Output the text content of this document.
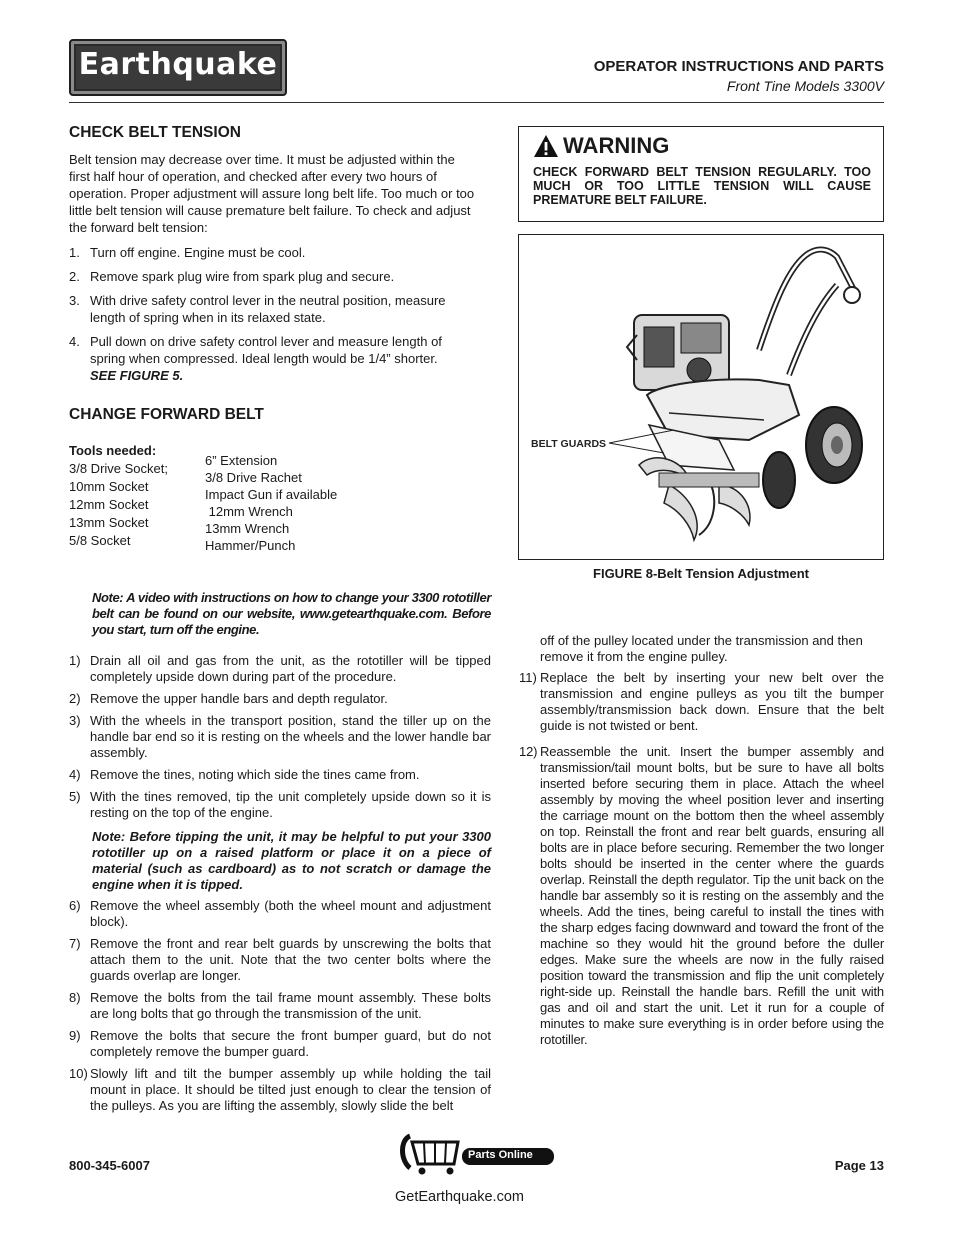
Earthquake	OPERATOR INSTRUCTIONS AND PARTS
Front Tine Models 3300V
CHECK BELT TENSION
Belt tension may decrease over time. It must be adjusted within the first half hour of operation, and checked after every two hours of operation. Proper adjustment will assure long belt life. Too much or too little belt tension will cause premature belt failure. To check and adjust the forward belt tension:
1. Turn off engine. Engine must be cool.
2. Remove spark plug wire from spark plug and secure.
3. With drive safety control lever in the neutral position, measure length of spring when in its relaxed state.
4. Pull down on drive safety control lever and measure length of spring when compressed. Ideal length would be 1/4” shorter.
SEE FIGURE 5.
CHANGE FORWARD BELT
Tools needed:
3/8 Drive Socket;
10mm Socket
12mm Socket
13mm Socket
5/8 Socket
6” Extension
3/8 Drive Rachet
Impact Gun if available
12mm Wrench
13mm Wrench
Hammer/Punch
Note: A video with instructions on how to change your 3300 rototiller belt can be found on our website, www.getearthquake.com. Before you start, turn off the engine.
1) Drain all oil and gas from the unit, as the rototiller will be tipped completely upside down during part of the procedure.
2) Remove the upper handle bars and depth regulator.
3) With the wheels in the transport position, stand the tiller up on the handle bar end so it is resting on the wheels and the lower handle bar assembly.
4) Remove the tines, noting which side the tines came from.
5) With the tines removed, tip the unit completely upside down so it is resting on the top of the engine.
Note: Before tipping the unit, it may be helpful to put your 3300 rototiller up on a raised platform or place it on a piece of material (such as cardboard) as to not scratch or damage the engine when it is tipped.
6) Remove the wheel assembly (both the wheel mount and adjustment block).
7) Remove the front and rear belt guards by unscrewing the bolts that attach them to the unit. Note that the two center bolts where the guards overlap are longer.
8) Remove the bolts from the tail frame mount assembly. These bolts are long bolts that go through the transmission of the unit.
9) Remove the bolts that secure the front bumper guard, but do not completely remove the bumper guard.
10) Slowly lift and tilt the bumper assembly up while holding the tail mount in place. It should be tilted just enough to clear the tension of the pulleys. As you are lifting the assembly, slowly slide the belt
WARNING
CHECK FORWARD BELT TENSION REGULARLY. TOO MUCH OR TOO LITTLE TENSION WILL CAUSE PREMATURE BELT FAILURE.
BELT GUARDS
FIGURE 8-Belt Tension Adjustment
off of the pulley located under the transmission and then remove it from the engine pulley.
11) Replace the belt by inserting your new belt over the transmission and engine pulleys as you tilt the bumper assembly/transmission back down. Ensure that the belt guide is not twisted or bent.
12) Reassemble the unit. Insert the bumper assembly and transmission/tail mount bolts, but be sure to have all bolts inserted before securing them in place. Attach the wheel assembly by moving the wheel position lever and inserting the carriage mount on the bottom then the wheel assembly on top. Reinstall the front and rear belt guards, ensuring all bolts are in place before securing. Remember the two longer bolts should be inserted in the center where the guards overlap. Reinstall the depth regulator. Tip the unit back on the handle bar assembly so it is resting on the assembly and the wheels. Add the tines, being careful to install the tines with the sharp edges facing downward and toward the front of the machine so they would hit the ground before the duller edges. Make sure the wheels are now in the fully raised position toward the transmission and flip the unit completely right-side up. Reinstall the handle bars. Refill the unit with gas and oil and start the unit. Let it run for a couple of minutes to make sure everything is in order before using the rototiller.
800-345-6007
Parts Online
GetEarthquake.com
Page 13
